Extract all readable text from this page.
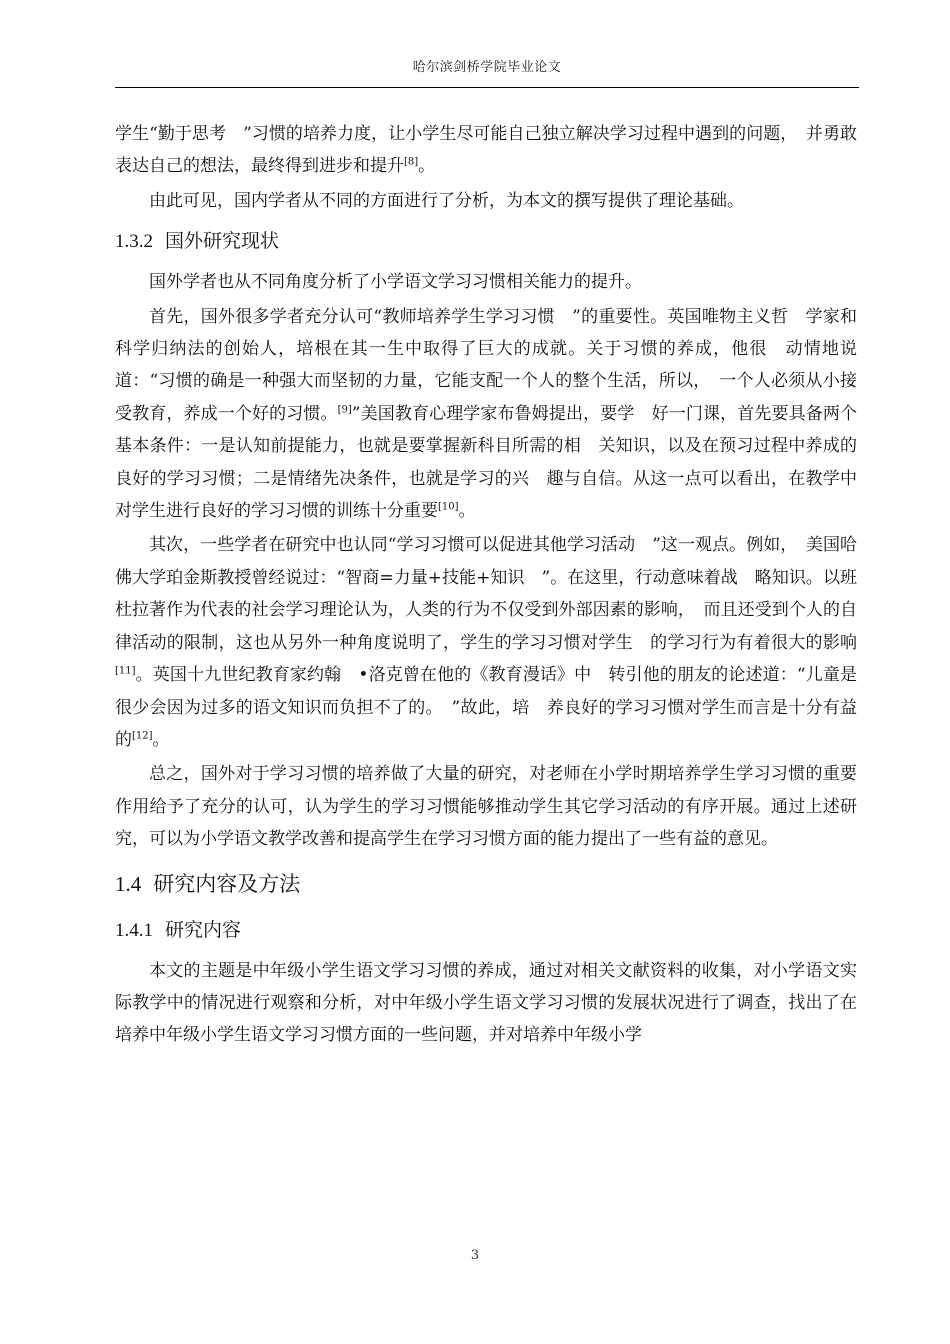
哈尔滨剑桥学院毕业论文

学生“勤于思考　”习惯的培养力度，让小学生尽可能自己独立解决学习过程中遇到的问题，　并勇敢表达自己的想法，最终得到进步和提升[8]。

由此可见，国内学者从不同的方面进行了分析，为本文的撰写提供了理论基础。

1.3.2 国外研究现状

国外学者也从不同角度分析了小学语文学习习惯相关能力的提升。

首先，国外很多学者充分认可“教师培养学生学习习惯　”的重要性。英国唯物主义哲　学家和科学归纳法的创始人，培根在其一生中取得了巨大的成就。关于习惯的养成，他很　动情地说道：“习惯的确是一种强大而坚韧的力量，它能支配一个人的整个生活，所以，　一个人必须从小接受教育，养成一个好的习惯。[9]”美国教育心理学家布鲁姆提出，要学　好一门课，首先要具备两个基本条件：一是认知前提能力，也就是要掌握新科目所需的相　关知识，以及在预习过程中养成的良好的学习习惯；二是情绪先决条件，也就是学习的兴　趣与自信。从这一点可以看出，在教学中对学生进行良好的学习习惯的训练十分重要[10]。

其次，一些学者在研究中也认同“学习习惯可以促进其他学习活动　”这一观点。例如，　美国哈佛大学珀金斯教授曾经说过：“智商=力量+技能+知识　”。在这里，行动意味着战　略知识。以班杜拉著作为代表的社会学习理论认为，人类的行为不仅受到外部因素的影响，　而且还受到个人的自律活动的限制，这也从另外一种角度说明了，学生的学习习惯对学生　的学习行为有着很大的影响[11]。英国十九世纪教育家约翰　•洛克曾在他的《教育漫话》中　转引他的朋友的论述道：“儿童是很少会因为过多的语文知识而负担不了的。　”故此，培　养良好的学习习惯对学生而言是十分有益的[12]。

总之，国外对于学习习惯的培养做了大量的研究，对老师在小学时期培养学生学习习惯的重要作用给予了充分的认可，认为学生的学习习惯能够推动学生其它学习活动的有序开展。通过上述研究，可以为小学语文教学改善和提高学生在学习习惯方面的能力提出了一些有益的意见。

1.4 研究内容及方法
1.4.1 研究内容

本文的主题是中年级小学生语文学习习惯的养成，通过对相关文献资料的收集，对小学语文实际教学中的情况进行观察和分析，对中年级小学生语文学习习惯的发展状况进行了调查，找出了在培养中年级小学生语文学习习惯方面的一些问题，并对培养中年级小学

3
